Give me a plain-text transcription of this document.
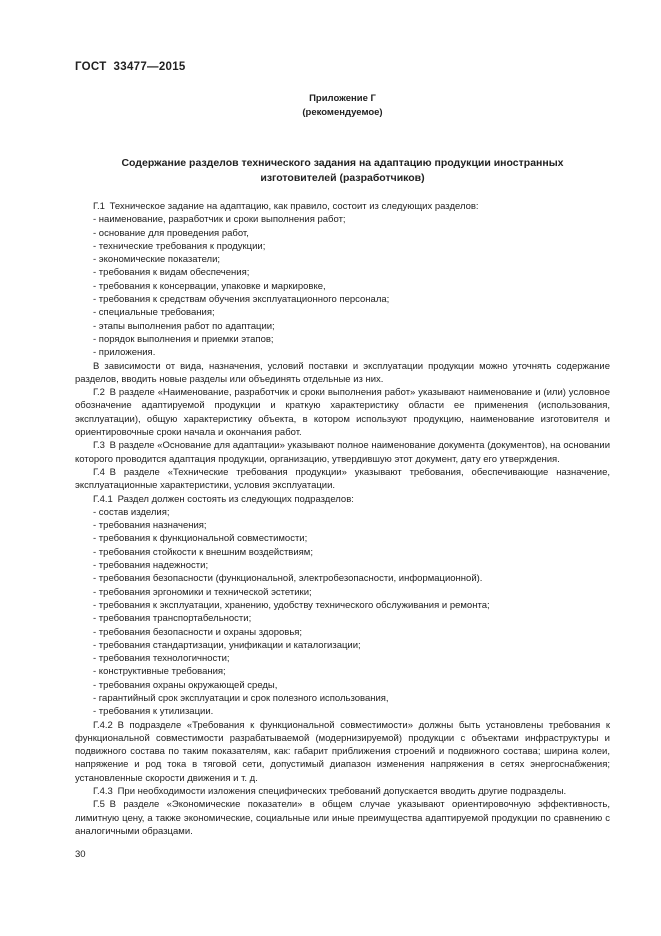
ГОСТ  33477—2015
Приложение Г
(рекомендуемое)
Содержание разделов технического задания на адаптацию продукции иностранных
изготовителей (разработчиков)

Г.1 Техническое задание на адаптацию, как правило, состоит из следующих разделов:

- наименование, разработчик и сроки выполнения работ;
- основание для проведения работ,
- технические требования к продукции;
- экономические показатели;
- требования к видам обеспечения;
- требования к консервации, упаковке и маркировке,
- требования к средствам обучения эксплуатационного персонала;
- специальные требования;
- этапы выполнения работ по адаптации;
- порядок выполнения и приемки этапов;
- приложения.

В зависимости от вида, назначения, условий поставки и эксплуатации продукции можно уточнять содержание разделов, вводить новые разделы или объединять отдельные из них.

Г.2 В разделе «Наименование, разработчик и сроки выполнения работ» указывают наименование и (или) условное обозначение адаптируемой продукции и краткую характеристику области ее применения (использования, эксплуатации), общую характеристику объекта, в котором используют продукцию, наименование изготовителя и ориентировочные сроки начала и окончания работ.

Г.3 В разделе «Основание для адаптации» указывают полное наименование документа (документов), на основании которого проводится адаптация продукции, организацию, утвердившую этот документ, дату его утверждения.

Г.4 В разделе «Технические требования продукции» указывают требования, обеспечивающие назначение, эксплуатационные характеристики, условия эксплуатации.

Г.4.1 Раздел должен состоять из следующих подразделов:

- состав изделия;
- требования назначения;
- требования к функциональной совместимости;
- требования стойкости к внешним воздействиям;
- требования надежности;
- требования безопасности (функциональной, электробезопасности, информационной).
- требования эргономики и технической эстетики;
- требования к эксплуатации, хранению, удобству технического обслуживания и ремонта;
- требования транспортабельности;
- требования безопасности и охраны здоровья;
- требования стандартизации, унификации и каталогизации;
- требования технологичности;
- конструктивные требования;
- требования охраны окружающей среды,
- гарантийный срок эксплуатации и срок полезного использования,
- требования к утилизации.

Г.4.2 В подразделе «Требования к функциональной совместимости» должны быть установлены требования к функциональной совместимости разрабатываемой (модернизируемой) продукции с объектами инфраструктуры и подвижного состава по таким показателям, как: габарит приближения строений и подвижного состава; ширина колеи, напряжение и род тока в тяговой сети, допустимый диапазон изменения напряжения в сетях энергоснабжения; установленные скорости движения и т. д.

Г.4.3 При необходимости изложения специфических требований допускается вводить другие подразделы.

Г.5 В разделе «Экономические показатели» в общем случае указывают ориентировочную эффективность, лимитную цену, а также экономические, социальные или иные преимущества адаптируемой продукции по сравнению с аналогичными образцами.

30
